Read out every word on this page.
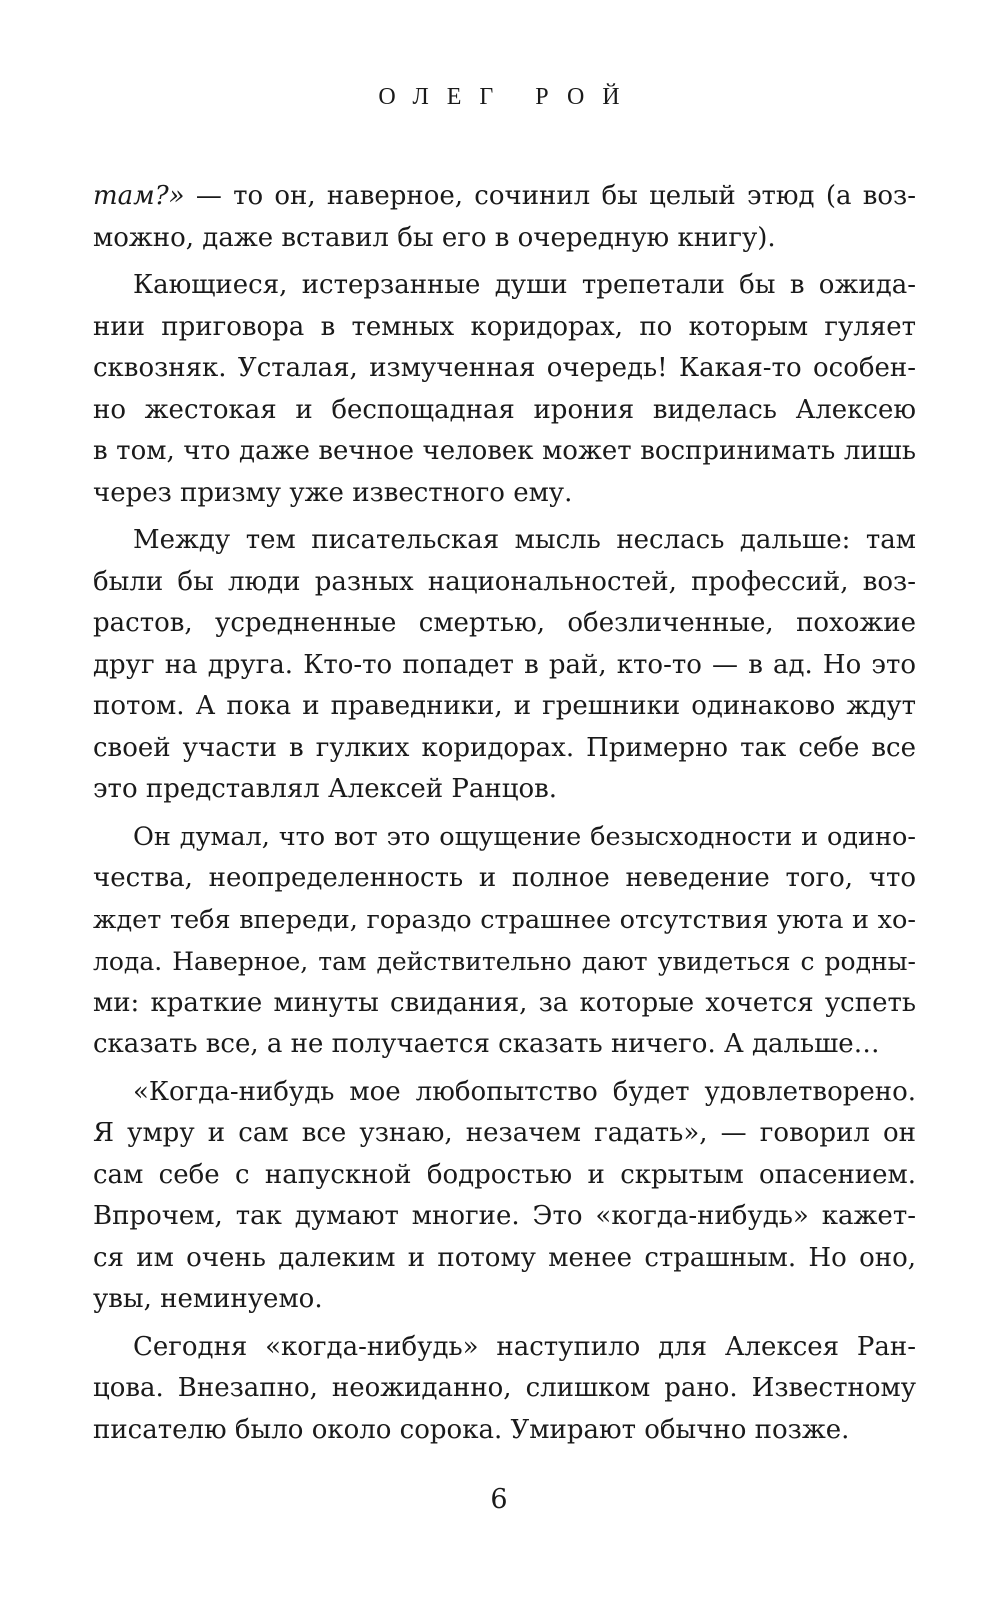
ОЛЕГ РОЙ
там?» — то он, наверное, сочинил бы целый этюд (а воз-
можно, даже вставил бы его в очередную книгу).
Кающиеся, истерзанные души трепетали бы в ожида-
нии приговора в темных коридорах, по которым гуляет
сквозняк. Усталая, измученная очередь! Какая-то особен-
но жестокая и беспощадная ирония виделась Алексею
в том, что даже вечное человек может воспринимать лишь
через призму уже известного ему.
Между тем писательская мысль неслась дальше: там
были бы люди разных национальностей, профессий, воз-
растов, усредненные смертью, обезличенные, похожие
друг на друга. Кто-то попадет в рай, кто-то — в ад. Но это
потом. А пока и праведники, и грешники одинаково ждут
своей участи в гулких коридорах. Примерно так себе все
это представлял Алексей Ранцов.
Он думал, что вот это ощущение безысходности и одино-
чества, неопределенность и полное неведение того, что
ждет тебя впереди, гораздо страшнее отсутствия уюта и хо-
лода. Наверное, там действительно дают увидеться с родны-
ми: краткие минуты свидания, за которые хочется успеть
сказать все, а не получается сказать ничего. А дальше…
«Когда-нибудь мое любопытство будет удовлетворено.
Я умру и сам все узнаю, незачем гадать», — говорил он
сам себе с напускной бодростью и скрытым опасением.
Впрочем, так думают многие. Это «когда-нибудь» кажет-
ся им очень далеким и потому менее страшным. Но оно,
увы, неминуемо.
Сегодня «когда-нибудь» наступило для Алексея Ран-
цова. Внезапно, неожиданно, слишком рано. Известному
писателю было около сорока. Умирают обычно позже.
6
